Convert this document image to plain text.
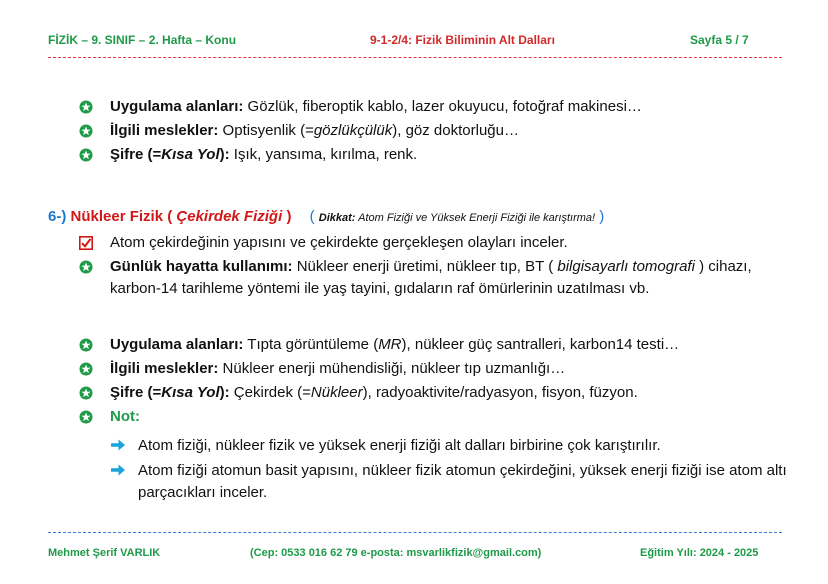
FİZİK – 9. SINIF – 2. Hafta – Konu	9-1-2/4: Fizik Biliminin Alt Dalları	Sayfa 5 / 7
Uygulama alanları: Gözlük, fiberoptik kablo, lazer okuyucu, fotoğraf makinesi…
İlgili meslekler: Optisyenlik (=gözlükçülük), göz doktorluğu…
Şifre (=Kısa Yol): Işık, yansıma, kırılma, renk.
6-) Nükleer Fizik ( Çekirdek Fiziği ) ( Dikkat: Atom Fiziği ve Yüksek Enerji Fiziği ile karıştırma! )
Atom çekirdeğinin yapısını ve çekirdekte gerçekleşen olayları inceler.
Günlük hayatta kullanımı: Nükleer enerji üretimi, nükleer tıp, BT ( bilgisayarlı tomografi ) cihazı, karbon-14 tarihleme yöntemi ile yaş tayini, gıdaların raf ömürlerinin uzatılması vb.
Uygulama alanları: Tıpta görüntüleme (MR), nükleer güç santralleri, karbon14 testi…
İlgili meslekler: Nükleer enerji mühendisliği, nükleer tıp uzmanlığı…
Şifre (=Kısa Yol): Çekirdek (=Nükleer), radyoaktivite/radyasyon, fisyon, füzyon.
Not:
Atom fiziği, nükleer fizik ve yüksek enerji fiziği alt dalları birbirine çok karıştırılır.
Atom fiziği atomun basit yapısını, nükleer fizik atomun çekirdeğini, yüksek enerji fiziği ise atom altı parçacıkları inceler.
Mehmet Şerif VARLIK	(Cep: 0533 016 62 79 e-posta: msvarlikfizik@gmail.com)	Eğitim Yılı: 2024 - 2025
